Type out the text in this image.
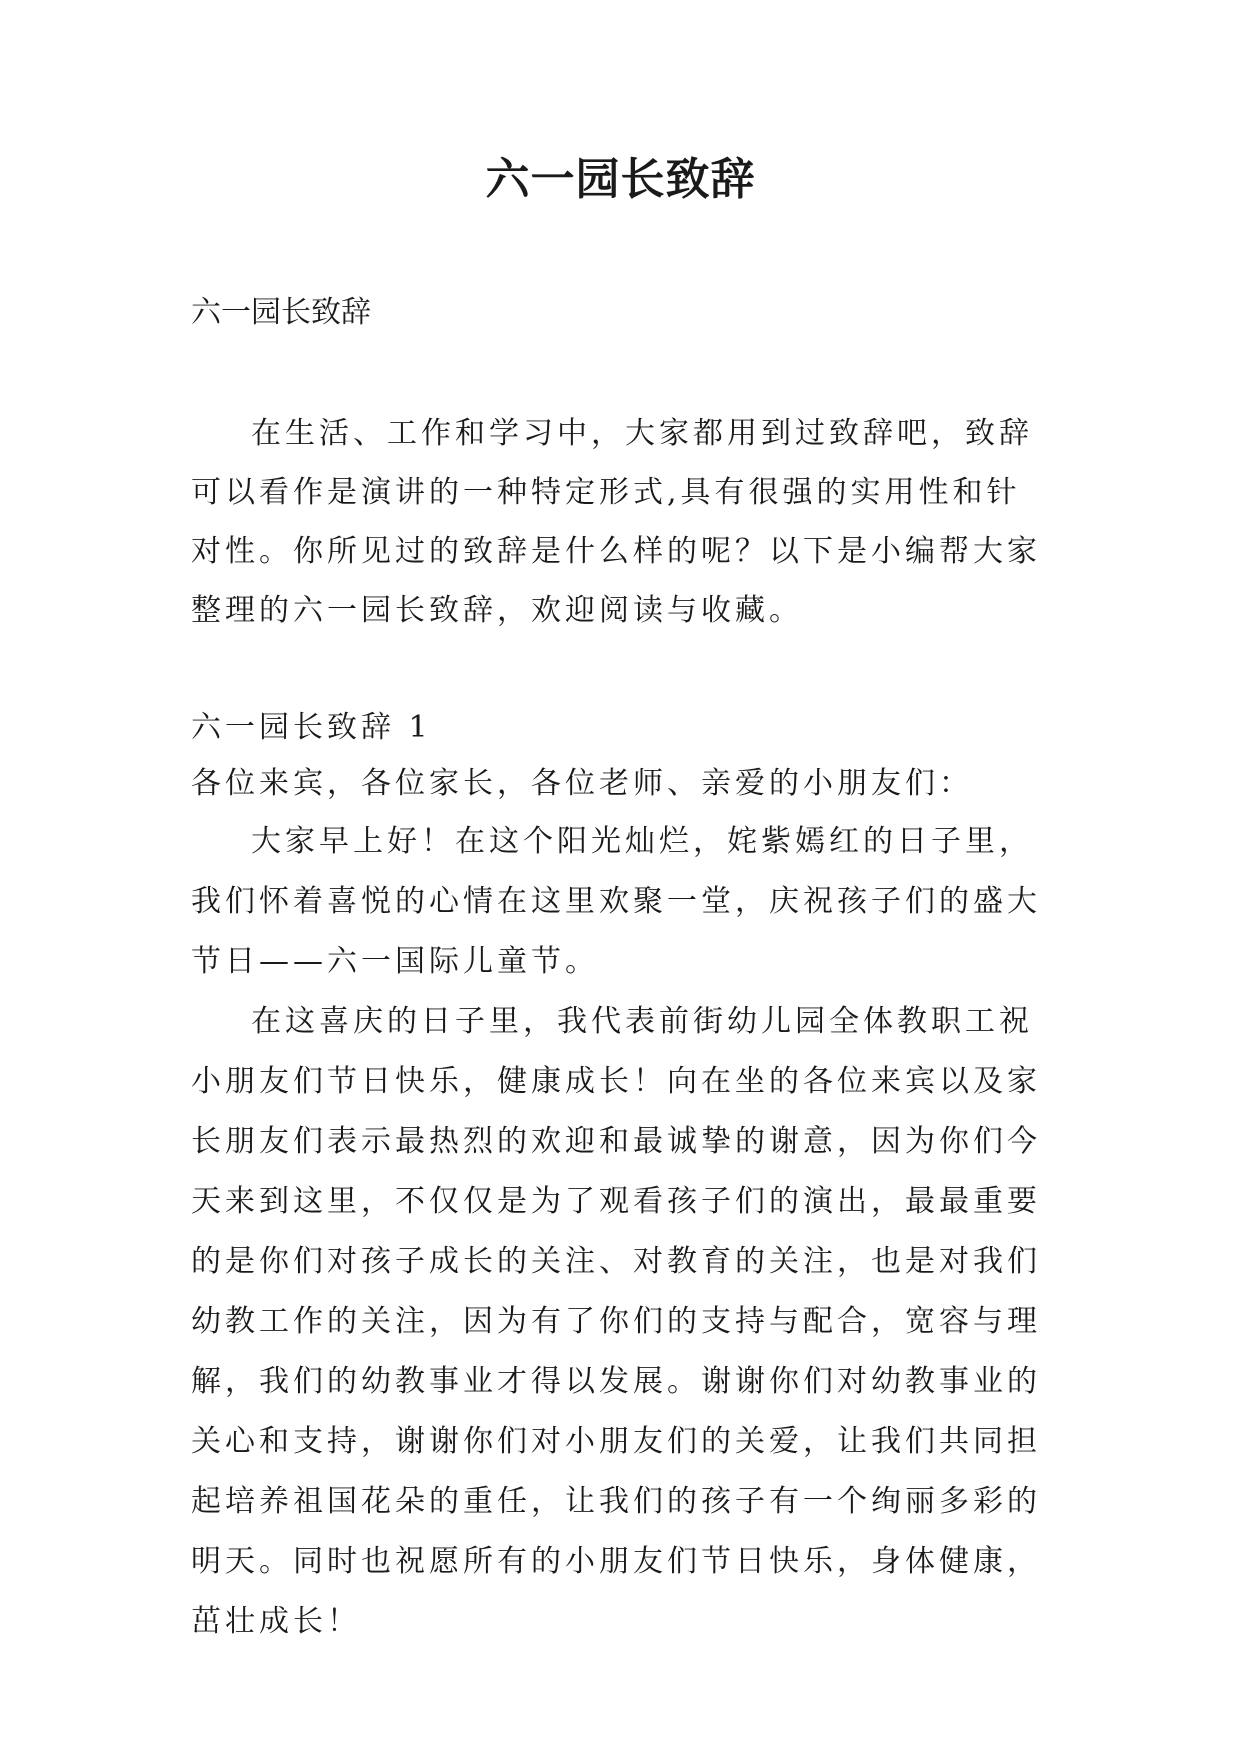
六一园长致辞

六一园长致辞

在生活、工作和学习中，大家都用到过致辞吧，致辞可以看作是演讲的一种特定形式,具有很强的实用性和针对性。你所见过的致辞是什么样的呢？以下是小编帮大家整理的六一园长致辞，欢迎阅读与收藏。

六一园长致辞 1

各位来宾，各位家长，各位老师、亲爱的小朋友们：

大家早上好！在这个阳光灿烂，姹紫嫣红的日子里，我们怀着喜悦的心情在这里欢聚一堂，庆祝孩子们的盛大节日——六一国际儿童节。

在这喜庆的日子里，我代表前街幼儿园全体教职工祝小朋友们节日快乐，健康成长！向在坐的各位来宾以及家长朋友们表示最热烈的欢迎和最诚挚的谢意，因为你们今天来到这里，不仅仅是为了观看孩子们的演出，最最重要的是你们对孩子成长的关注、对教育的关注，也是对我们幼教工作的关注，因为有了你们的支持与配合，宽容与理解，我们的幼教事业才得以发展。谢谢你们对幼教事业的关心和支持，谢谢你们对小朋友们的关爱，让我们共同担起培养祖国花朵的重任，让我们的孩子有一个绚丽多彩的明天。同时也祝愿所有的小朋友们节日快乐，身体健康，茁壮成长！
